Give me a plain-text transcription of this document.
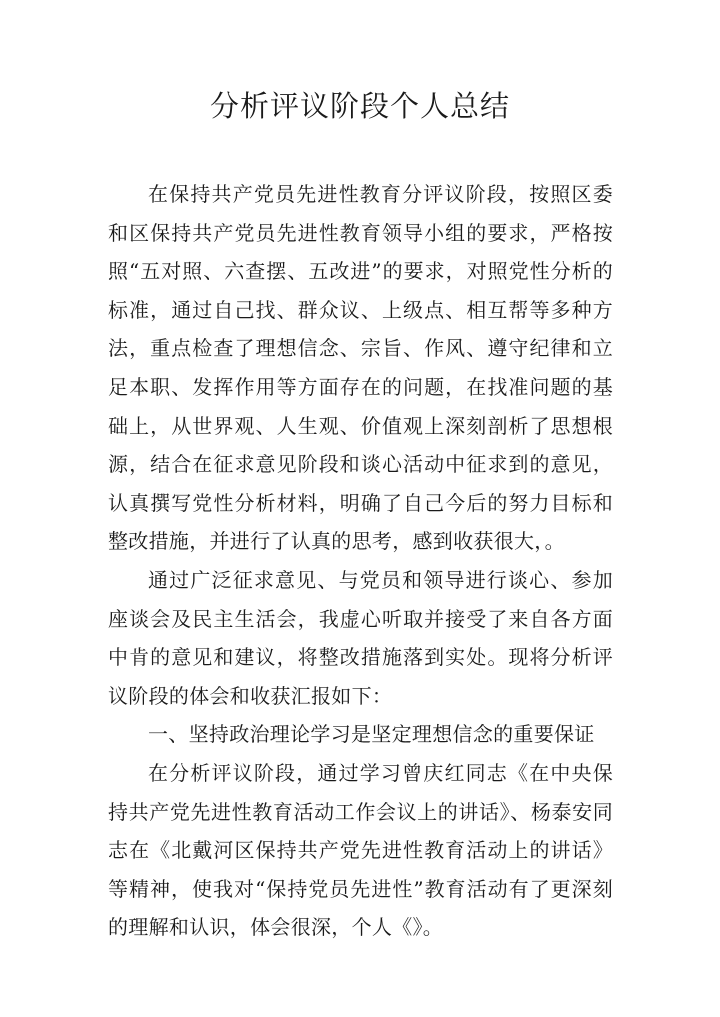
分析评议阶段个人总结

在保持共产党员先进性教育分评议阶段，按照区委和区保持共产党员先进性教育领导小组的要求，严格按照“五对照、六查摆、五改进”的要求，对照党性分析的标准，通过自己找、群众议、上级点、相互帮等多种方法，重点检查了理想信念、宗旨、作风、遵守纪律和立足本职、发挥作用等方面存在的问题，在找准问题的基础上，从世界观、人生观、价值观上深刻剖析了思想根源，结合在征求意见阶段和谈心活动中征求到的意见，认真撰写党性分析材料，明确了自己今后的努力目标和整改措施，并进行了认真的思考，感到收获很大，。

通过广泛征求意见、与党员和领导进行谈心、参加座谈会及民主生活会，我虚心听取并接受了来自各方面中肯的意见和建议，将整改措施落到实处。现将分析评议阶段的体会和收获汇报如下：

一、坚持政治理论学习是坚定理想信念的重要保证

在分析评议阶段，通过学习曾庆红同志《在中央保持共产党先进性教育活动工作会议上的讲话》、杨泰安同志在《北戴河区保持共产党先进性教育活动上的讲话》等精神，使我对“保持党员先进性”教育活动有了更深刻的理解和认识，体会很深，个人《》。
